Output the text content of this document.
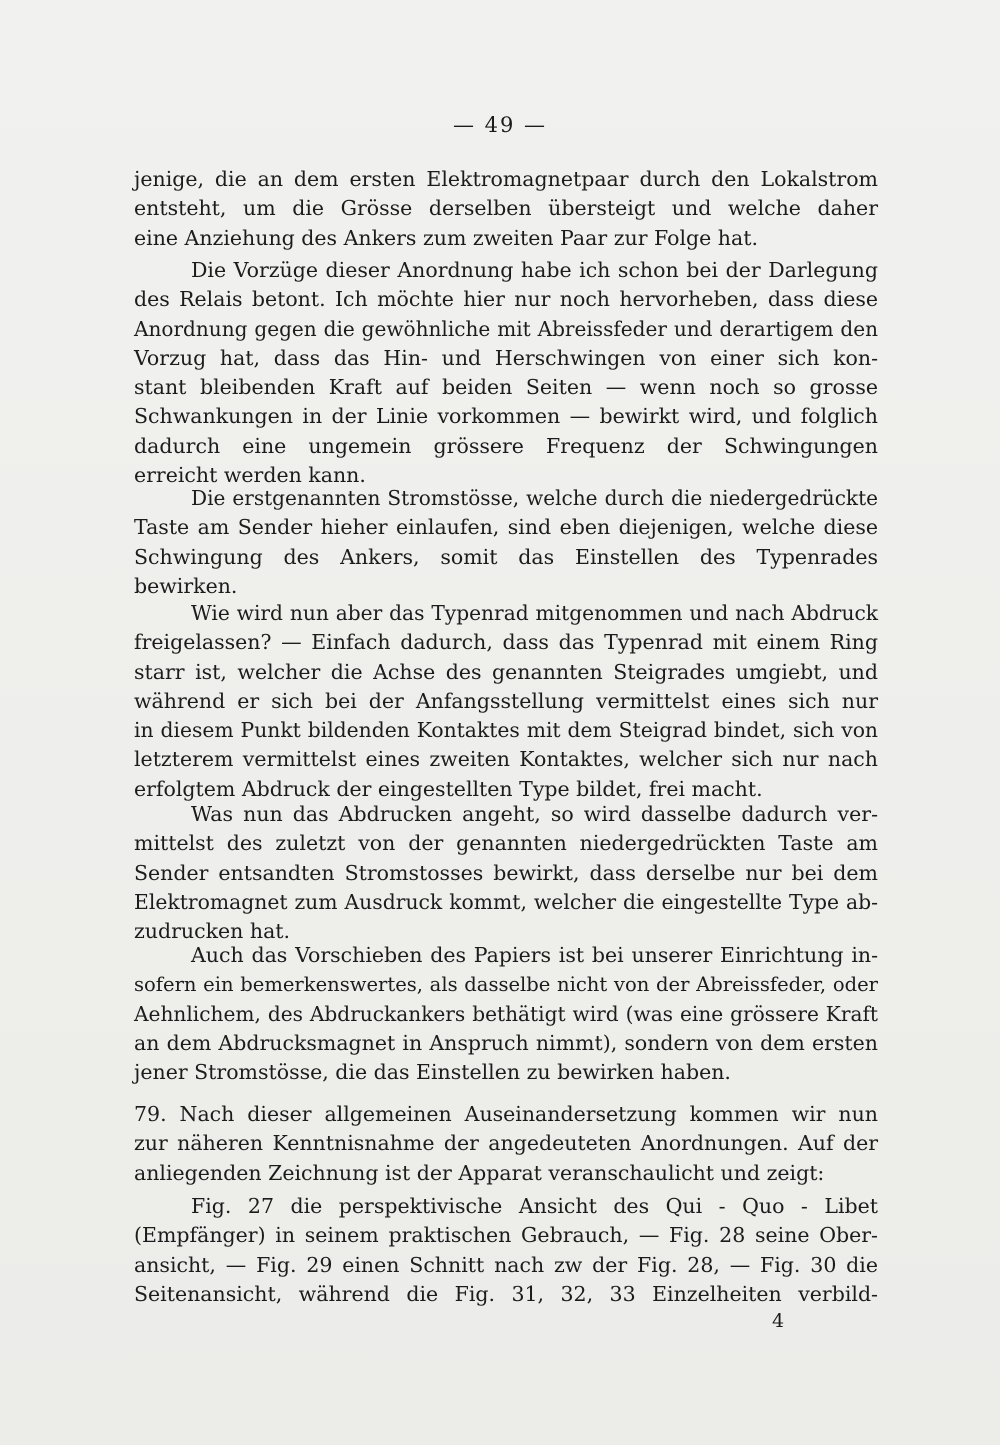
— 49 —
jenige, die an dem ersten Elektromagnetpaar durch den Lokalstrom
entsteht, um die Grösse derselben übersteigt und welche daher
eine Anziehung des Ankers zum zweiten Paar zur Folge hat.
Die Vorzüge dieser Anordnung habe ich schon bei der Darlegung
des Relais betont. Ich möchte hier nur noch hervorheben, dass diese
Anordnung gegen die gewöhnliche mit Abreissfeder und derartigem den
Vorzug hat, dass das Hin- und Herschwingen von einer sich kon-
stant bleibenden Kraft auf beiden Seiten — wenn noch so grosse
Schwankungen in der Linie vorkommen — bewirkt wird, und folglich
dadurch eine ungemein grössere Frequenz der Schwingungen
erreicht werden kann.
Die erstgenannten Stromstösse, welche durch die niedergedrückte
Taste am Sender hieher einlaufen, sind eben diejenigen, welche diese
Schwingung des Ankers, somit das Einstellen des Typenrades
bewirken.
Wie wird nun aber das Typenrad mitgenommen und nach Abdruck
freigelassen? — Einfach dadurch, dass das Typenrad mit einem Ring
starr ist, welcher die Achse des genannten Steigrades umgiebt, und
während er sich bei der Anfangsstellung vermittelst eines sich nur
in diesem Punkt bildenden Kontaktes mit dem Steigrad bindet, sich von
letzterem vermittelst eines zweiten Kontaktes, welcher sich nur nach
erfolgtem Abdruck der eingestellten Type bildet, frei macht.
Was nun das Abdrucken angeht, so wird dasselbe dadurch ver-
mittelst des zuletzt von der genannten niedergedrückten Taste am
Sender entsandten Stromstosses bewirkt, dass derselbe nur bei dem
Elektromagnet zum Ausdruck kommt, welcher die eingestellte Type ab-
zudrucken hat.
Auch das Vorschieben des Papiers ist bei unserer Einrichtung in-
sofern ein bemerkenswertes, als dasselbe nicht von der Abreissfeder, oder
Aehnlichem, des Abdruckankers bethätigt wird (was eine grössere Kraft
an dem Abdrucksmagnet in Anspruch nimmt), sondern von dem ersten
jener Stromstösse, die das Einstellen zu bewirken haben.
79. Nach dieser allgemeinen Auseinandersetzung kommen wir nun
zur näheren Kenntnisnahme der angedeuteten Anordnungen. Auf der
anliegenden Zeichnung ist der Apparat veranschaulicht und zeigt:
Fig. 27 die perspektivische Ansicht des Qui - Quo - Libet
(Empfänger) in seinem praktischen Gebrauch, — Fig. 28 seine Ober-
ansicht, — Fig. 29 einen Schnitt nach zw der Fig. 28, — Fig. 30 die
Seitenansicht, während die Fig. 31, 32, 33 Einzelheiten verbild-
4
